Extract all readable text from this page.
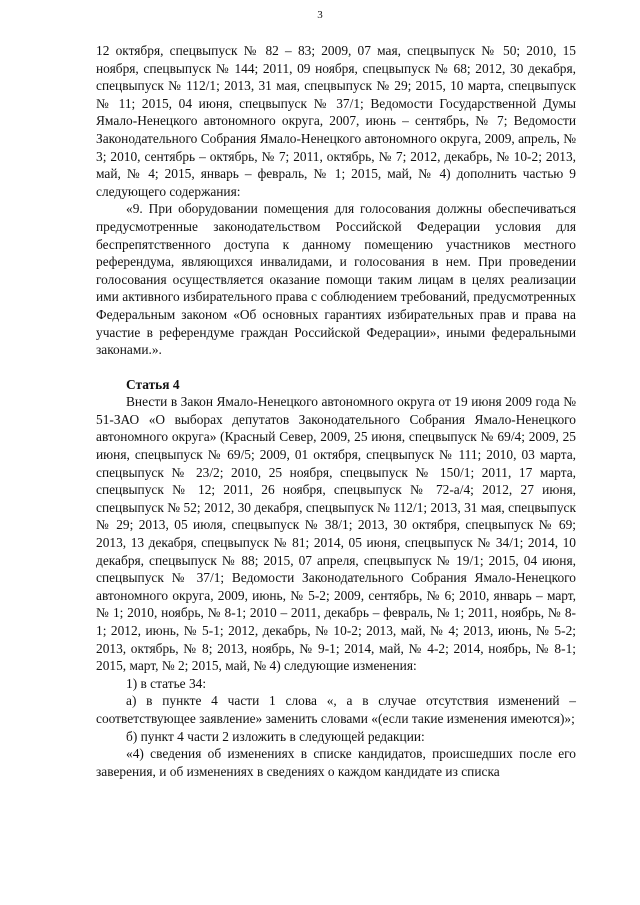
3

12 октября, спецвыпуск № 82 – 83; 2009, 07 мая, спецвыпуск № 50; 2010, 15 ноября, спецвыпуск № 144; 2011, 09 ноября, спецвыпуск № 68; 2012, 30 декабря, спецвыпуск № 112/1; 2013, 31 мая, спецвыпуск № 29; 2015, 10 марта, спецвыпуск № 11; 2015, 04 июня, спецвыпуск № 37/1; Ведомости Государственной Думы Ямало-Ненецкого автономного округа, 2007, июнь – сентябрь, № 7; Ведомости Законодательного Собрания Ямало-Ненецкого автономного округа, 2009, апрель, № 3; 2010, сентябрь – октябрь, № 7; 2011, октябрь, № 7; 2012, декабрь, № 10-2; 2013, май, № 4; 2015, январь – февраль, № 1; 2015, май, № 4) дополнить частью 9 следующего содержания:

«9. При оборудовании помещения для голосования должны обеспечиваться предусмотренные законодательством Российской Федерации условия для беспрепятственного доступа к данному помещению участников местного референдума, являющихся инвалидами, и голосования в нем. При проведении голосования осуществляется оказание помощи таким лицам в целях реализации ими активного избирательного права с соблюдением требований, предусмотренных Федеральным законом «Об основных гарантиях избирательных прав и права на участие в референдуме граждан Российской Федерации», иными федеральными законами.».

Статья 4

Внести в Закон Ямало-Ненецкого автономного округа от 19 июня 2009 года № 51-ЗАО «О выборах депутатов Законодательного Собрания Ямало-Ненецкого автономного округа» (Красный Север, 2009, 25 июня, спецвыпуск № 69/4; 2009, 25 июня, спецвыпуск № 69/5; 2009, 01 октября, спецвыпуск № 111; 2010, 03 марта, спецвыпуск № 23/2; 2010, 25 ноября, спецвыпуск № 150/1; 2011, 17 марта, спецвыпуск № 12; 2011, 26 ноября, спецвыпуск № 72-а/4; 2012, 27 июня, спецвыпуск № 52; 2012, 30 декабря, спецвыпуск № 112/1; 2013, 31 мая, спецвыпуск № 29; 2013, 05 июля, спецвыпуск № 38/1; 2013, 30 октября, спецвыпуск № 69; 2013, 13 декабря, спецвыпуск № 81; 2014, 05 июня, спецвыпуск № 34/1; 2014, 10 декабря, спецвыпуск № 88; 2015, 07 апреля, спецвыпуск № 19/1; 2015, 04 июня, спецвыпуск № 37/1; Ведомости Законодательного Собрания Ямало-Ненецкого автономного округа, 2009, июнь, № 5-2; 2009, сентябрь, № 6; 2010, январь – март, № 1; 2010, ноябрь, № 8-1; 2010 – 2011, декабрь – февраль, № 1; 2011, ноябрь, № 8-1; 2012, июнь, № 5-1; 2012, декабрь, № 10-2; 2013, май, № 4; 2013, июнь, № 5-2; 2013, октябрь, № 8; 2013, ноябрь, № 9-1; 2014, май, № 4-2; 2014, ноябрь, № 8-1; 2015, март, № 2; 2015, май, № 4) следующие изменения:

1) в статье 34:

а) в пункте 4 части 1 слова «, а в случае отсутствия изменений – соответствующее заявление» заменить словами «(если такие изменения имеются)»;

б) пункт 4 части 2 изложить в следующей редакции:

«4) сведения об изменениях в списке кандидатов, происшедших после его заверения, и об изменениях в сведениях о каждом кандидате из списка
